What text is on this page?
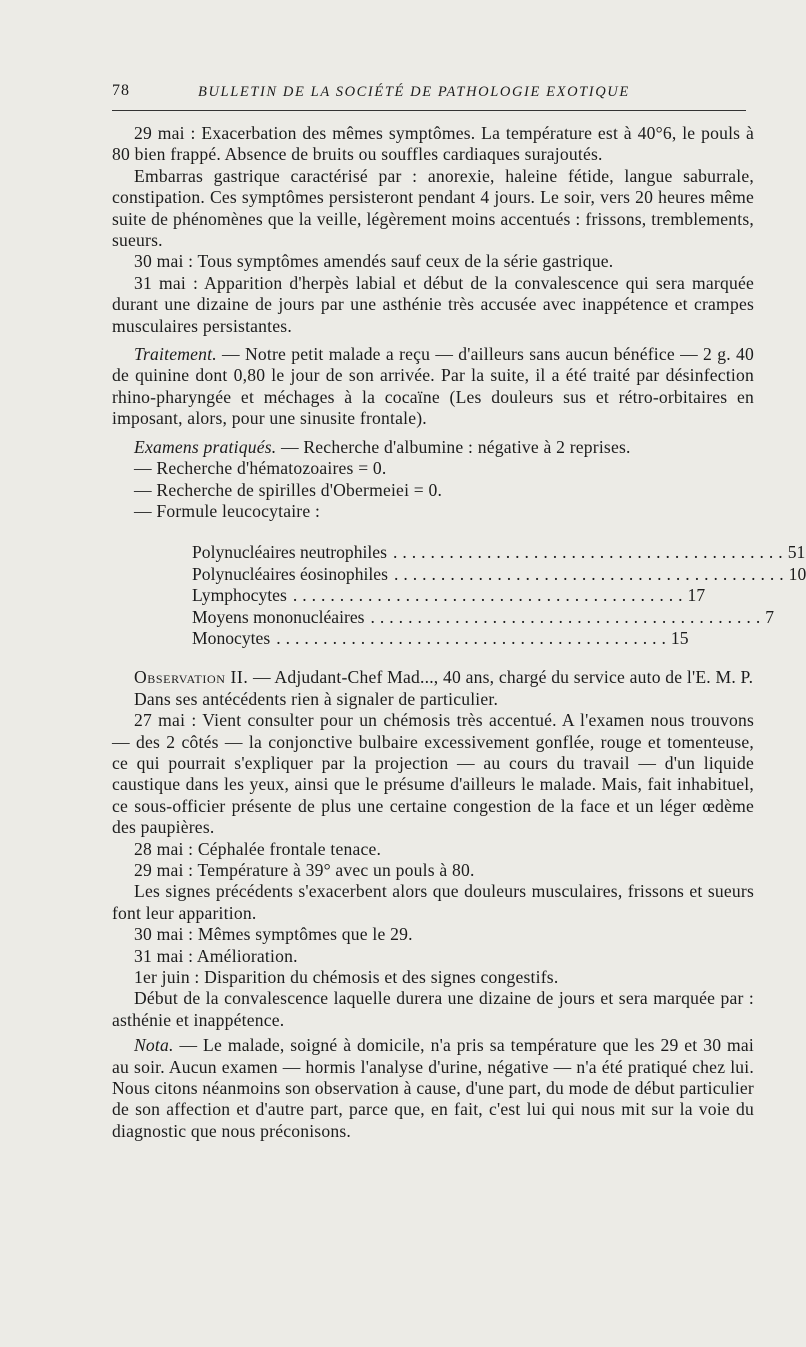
78	BULLETIN DE LA SOCIÉTÉ DE PATHOLOGIE EXOTIQUE

29 mai : Exacerbation des mêmes symptômes. La température est à 40°6, le pouls à 80 bien frappé. Absence de bruits ou souffles cardiaques surajoutés.

Embarras gastrique caractérisé par : anorexie, haleine fétide, langue saburrale, constipation. Ces symptômes persisteront pendant 4 jours. Le soir, vers 20 heures même suite de phénomènes que la veille, légèrement moins accentués : frissons, tremblements, sueurs.

30 mai : Tous symptômes amendés sauf ceux de la série gastrique.

31 mai : Apparition d'herpès labial et début de la convalescence qui sera marquée durant une dizaine de jours par une asthénie très accusée avec inappétence et crampes musculaires persistantes.

Traitement. — Notre petit malade a reçu — d'ailleurs sans aucun bénéfice — 2 g. 40 de quinine dont 0,80 le jour de son arrivée. Par la suite, il a été traité par désinfection rhino-pharyngée et méchages à la cocaïne (Les douleurs sus et rétro-orbitaires en imposant, alors, pour une sinusite frontale).

Examens pratiqués. — Recherche d'albumine : négative à 2 reprises.

— Recherche d'hématozoaires = 0.

— Recherche de spirilles d'Obermeiei = 0.

— Formule leucocytaire :

Polynucléaires neutrophiles .......................................... 51
Polynucléaires éosinophiles .......................................... 10
Lymphocytes .......................................... 17
Moyens mononucléaires .......................................... 7
Monocytes .......................................... 15

Observation II. — Adjudant-Chef Mad..., 40 ans, chargé du service auto de l'E. M. P.

Dans ses antécédents rien à signaler de particulier.

27 mai : Vient consulter pour un chémosis très accentué. A l'examen nous trouvons — des 2 côtés — la conjonctive bulbaire excessivement gonflée, rouge et tomenteuse, ce qui pourrait s'expliquer par la projection — au cours du travail — d'un liquide caustique dans les yeux, ainsi que le présume d'ailleurs le malade. Mais, fait inhabituel, ce sous-officier présente de plus une certaine congestion de la face et un léger œdème des paupières.

28 mai : Céphalée frontale tenace.

29 mai : Température à 39° avec un pouls à 80.

Les signes précédents s'exacerbent alors que douleurs musculaires, frissons et sueurs font leur apparition.

30 mai : Mêmes symptômes que le 29.

31 mai : Amélioration.

1er juin : Disparition du chémosis et des signes congestifs.

Début de la convalescence laquelle durera une dizaine de jours et sera marquée par : asthénie et inappétence.

Nota. — Le malade, soigné à domicile, n'a pris sa température que les 29 et 30 mai au soir. Aucun examen — hormis l'analyse d'urine, négative — n'a été pratiqué chez lui. Nous citons néanmoins son observation à cause, d'une part, du mode de début particulier de son affection et d'autre part, parce que, en fait, c'est lui qui nous mit sur la voie du diagnostic que nous préconisons.
